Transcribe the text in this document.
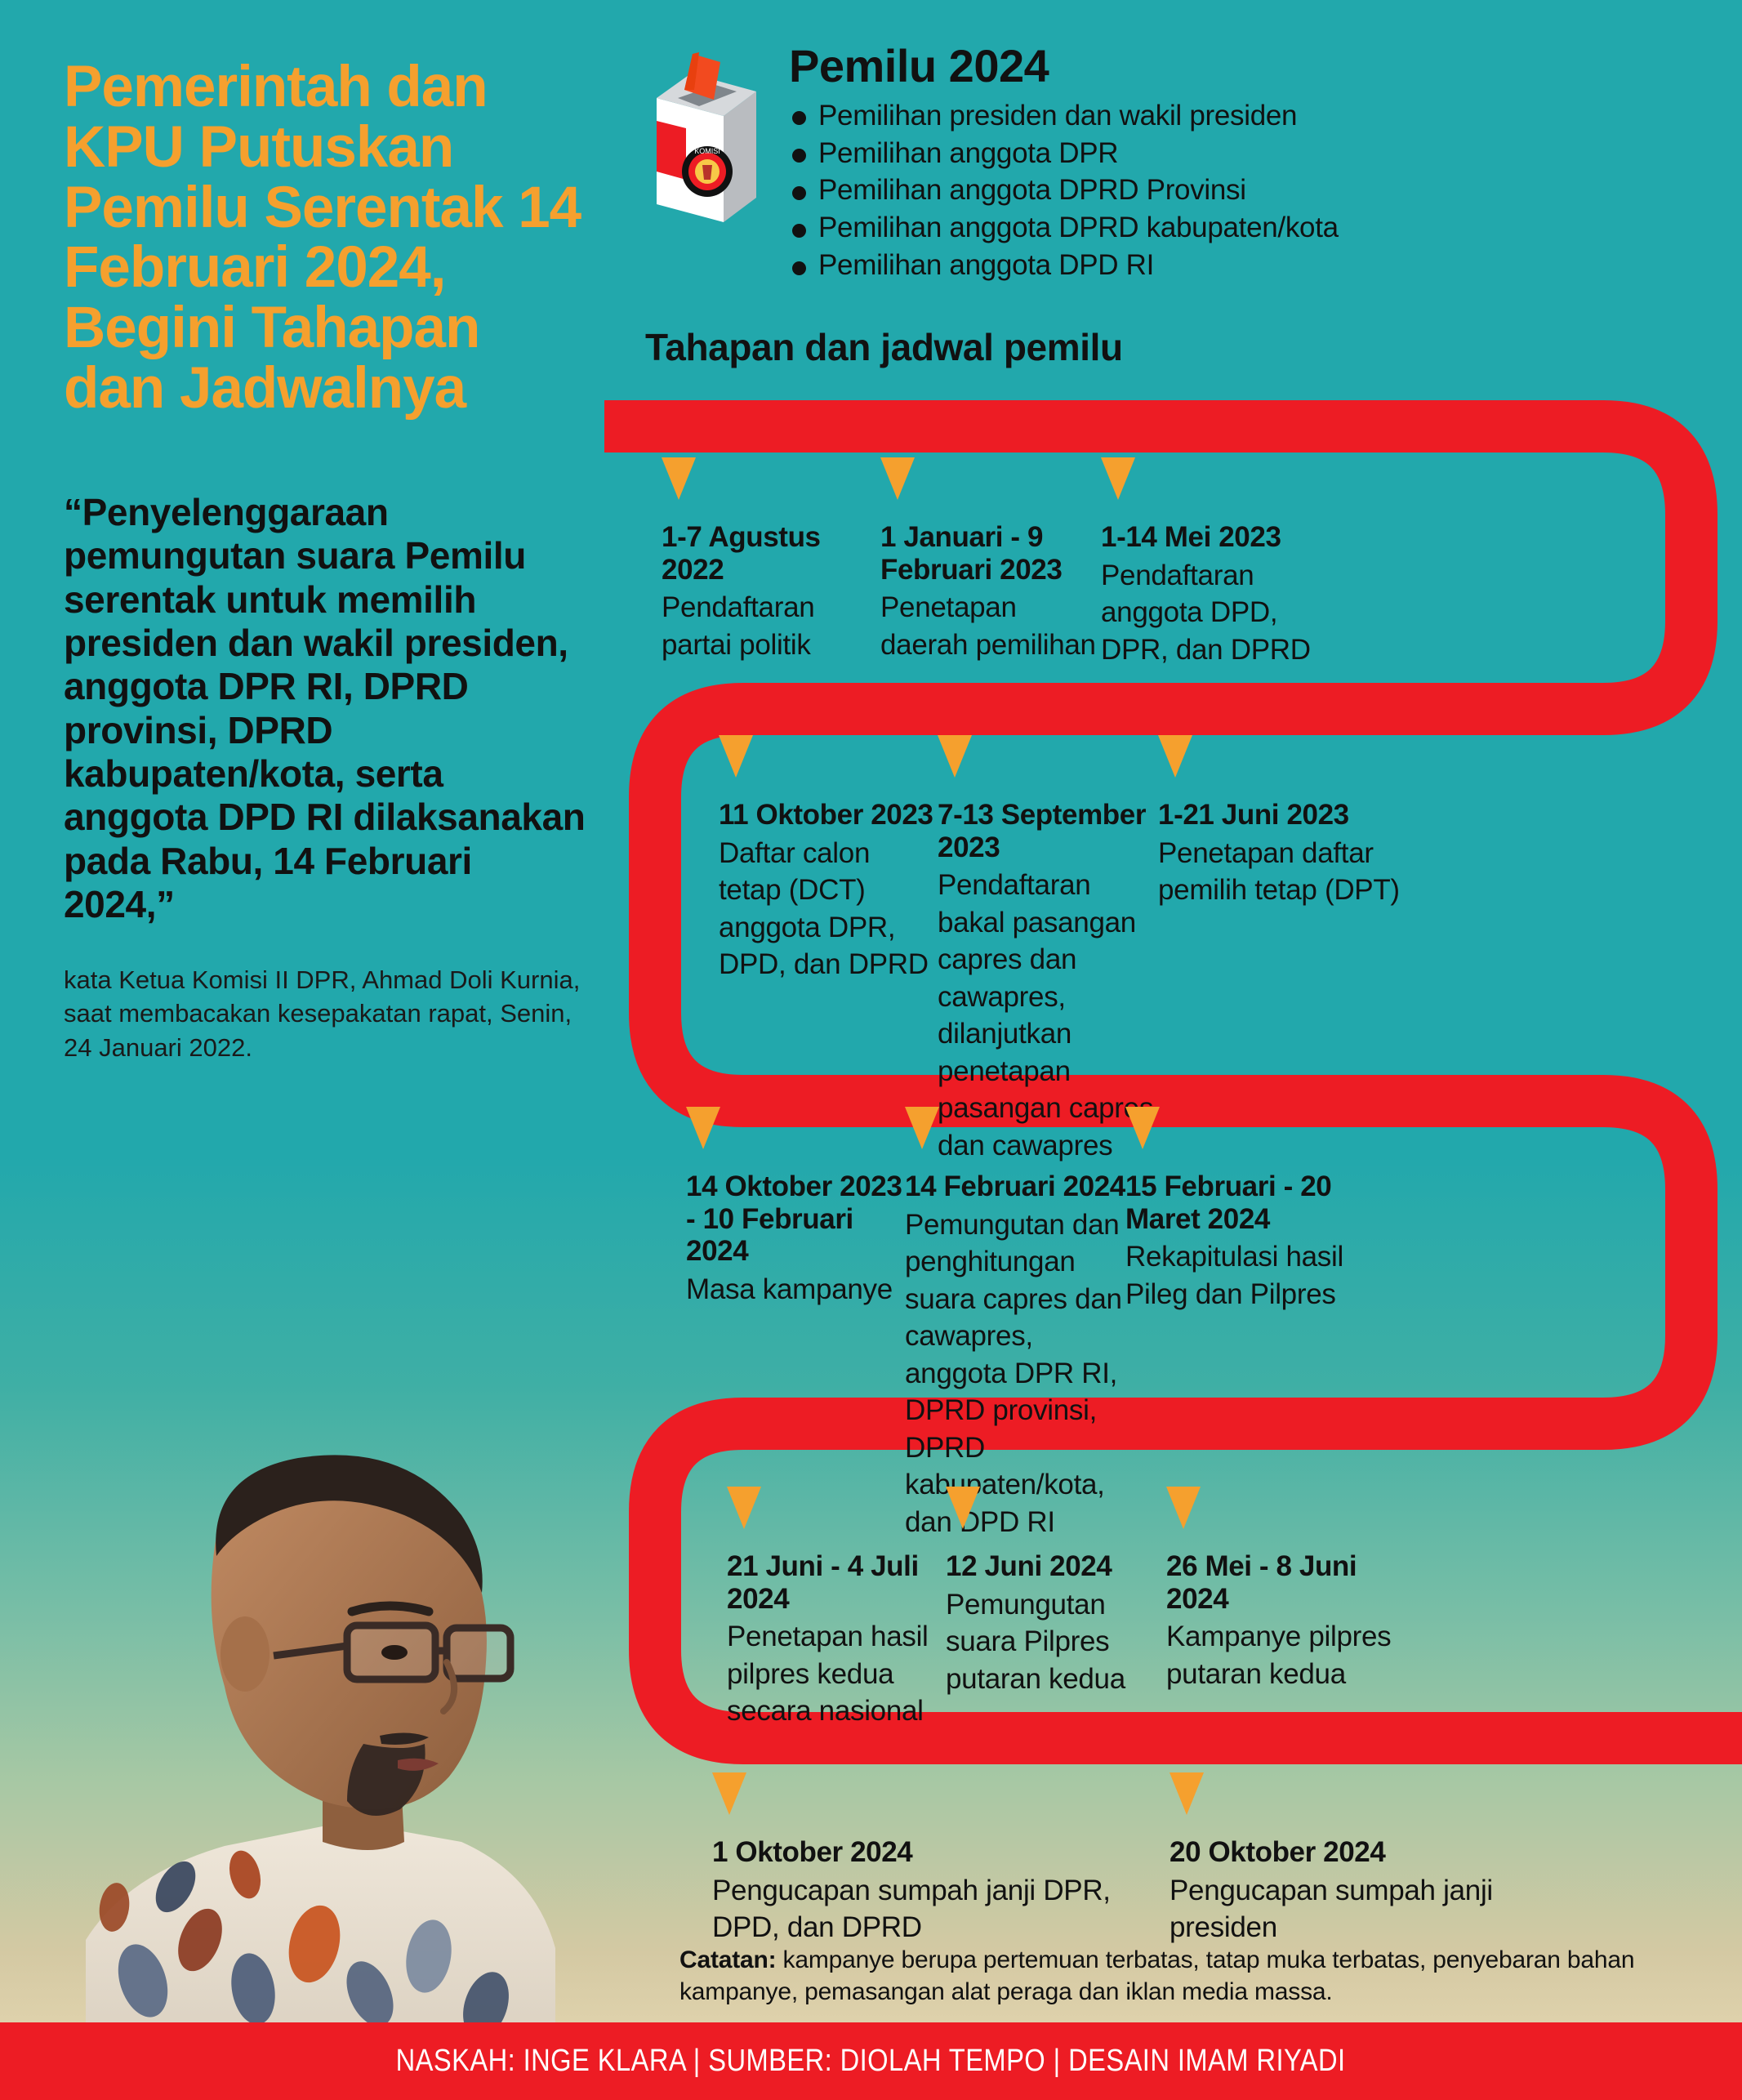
Pemerintah dan KPU Putuskan Pemilu Serentak 14 Februari 2024, Begini Tahapan dan Jadwalnya
“Penyelenggaraan pemungutan suara Pemilu serentak untuk memilih presiden dan wakil presiden, anggota DPR RI, DPRD provinsi, DPRD kabupaten/kota, serta anggota DPD RI dilaksanakan pada Rabu, 14 Februari 2024,”
kata Ketua Komisi II DPR, Ahmad Doli Kurnia, saat membacakan kesepakatan rapat, Senin, 24 Januari 2022.
KOMISI
Pemilu 2024
Pemilihan presiden dan wakil presiden
Pemilihan anggota DPR
Pemilihan anggota DPRD Provinsi
Pemilihan anggota DPRD kabupaten/kota
Pemilihan anggota DPD RI
Tahapan dan jadwal pemilu
1-7 Agustus 2022
Pendaftaran partai politik
1 Januari - 9 Februari 2023
Penetapan daerah pemilihan
1-14 Mei 2023
Pendaftaran anggota DPD, DPR, dan DPRD
11 Oktober 2023
Daftar calon tetap (DCT) anggota DPR, DPD, dan DPRD
7-13 September 2023
Pendaftaran bakal pasangan capres dan cawapres, dilanjutkan penetapan pasangan capres dan cawapres
1-21 Juni 2023
Penetapan daftar pemilih tetap (DPT)
14 Oktober 2023 - 10 Februari 2024
Masa kampanye
14 Februari 2024
Pemungutan dan penghitungan suara capres dan cawapres, anggota DPR RI, DPRD provinsi, DPRD kabupaten/kota, dan DPD RI
15 Februari - 20 Maret 2024
Rekapitulasi hasil Pileg dan Pilpres
21 Juni - 4 Juli 2024
Penetapan hasil pilpres kedua secara nasional
12 Juni 2024
Pemungutan suara Pilpres putaran kedua
26 Mei - 8 Juni 2024
Kampanye pilpres putaran kedua
1 Oktober 2024
Pengucapan sumpah janji DPR, DPD, dan DPRD
20 Oktober 2024
Pengucapan sumpah janji presiden
Catatan: kampanye berupa pertemuan terbatas, tatap muka terbatas, penyebaran bahan kampanye, pemasangan alat peraga dan iklan media massa.
NASKAH: INGE KLARA | SUMBER: DIOLAH TEMPO | DESAIN IMAM RIYADI
